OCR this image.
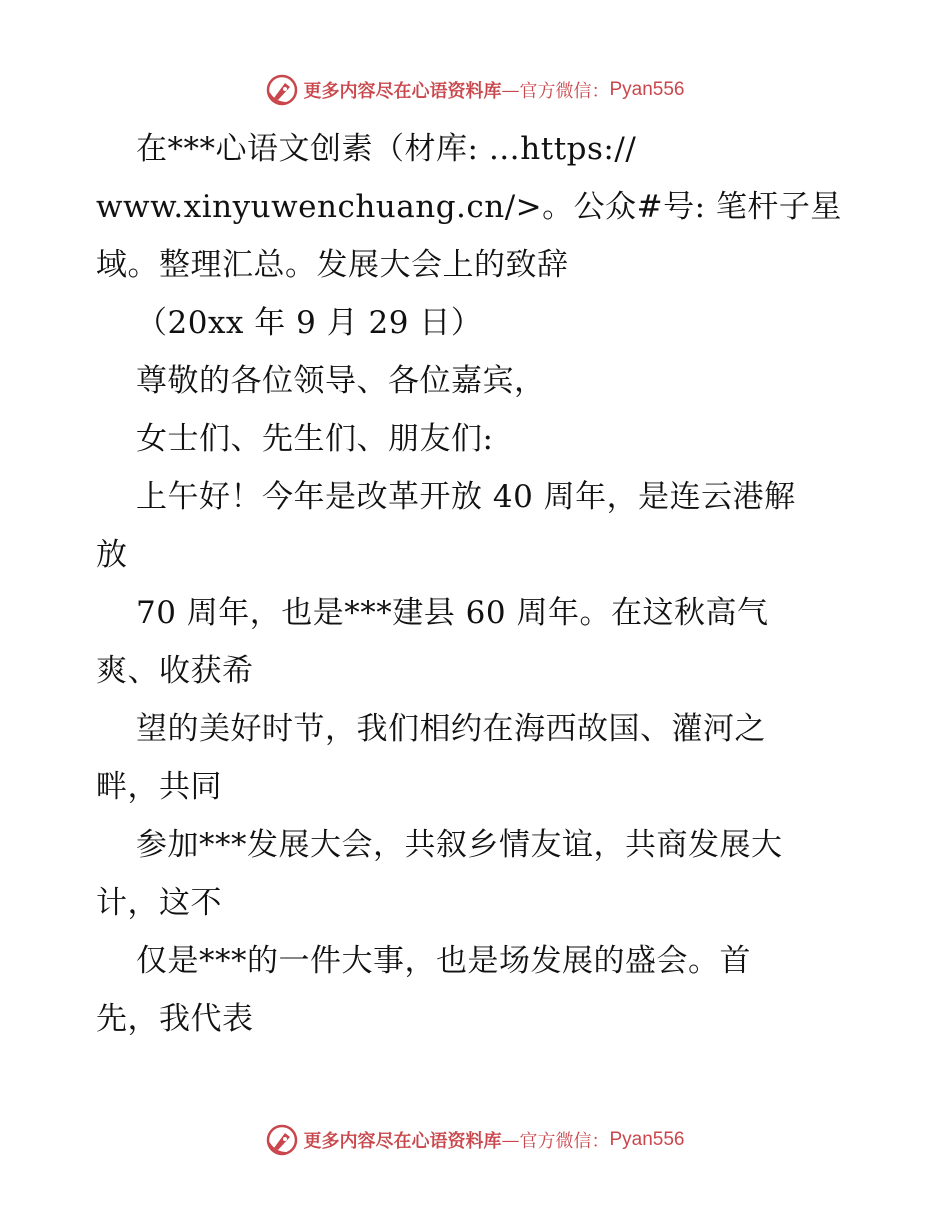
更多内容尽在心语资料库 — 官方微信： Pyan556
在***心语文创素（材库: …https://
www.xinyuwenchuang.cn/>。公众#号: 笔杆子星
域。整理汇总。发展大会上的致辞
（20xx 年 9 月 29 日）
尊敬的各位领导、各位嘉宾，
女士们、先生们、朋友们:
上午好！今年是改革开放 40 周年，是连云港解
放
70 周年，也是***建县 60 周年。在这秋高气
爽、收获希
望的美好时节，我们相约在海西故国、灌河之
畔，共同
参加***发展大会，共叙乡情友谊，共商发展大
计，这不
仅是***的一件大事，也是场发展的盛会。首
先，我代表
更多内容尽在心语资料库 — 官方微信： Pyan556
